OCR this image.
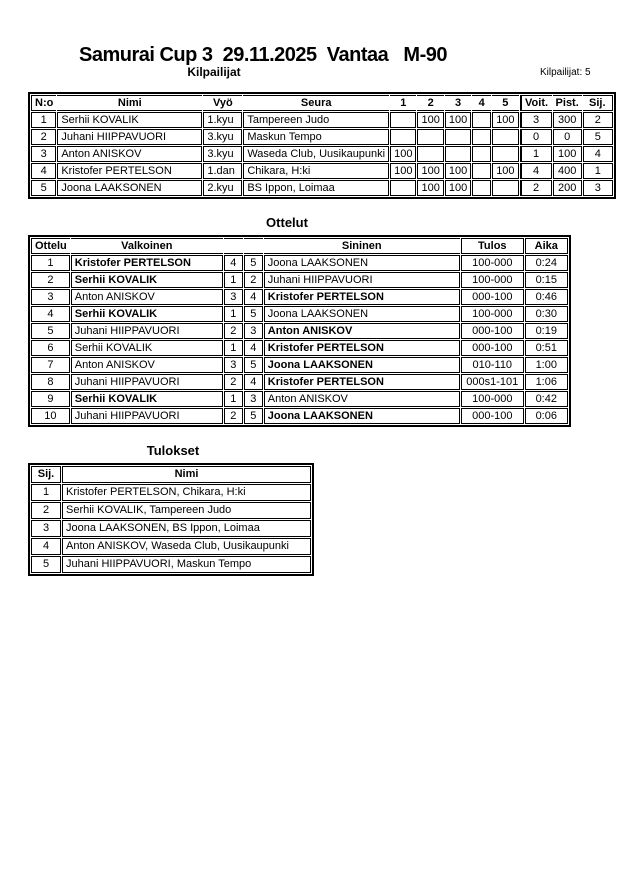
Samurai Cup 3  29.11.2025  Vantaa   M-90
Kilpailijat	Kilpailijat: 5
N:o	Nimi	Vyö	Seura	1	2	3	4	5	Voit.	Pist.	Sij.
1	Serhii KOVALIK	1.kyu	Tampereen Judo		100	100		100	3	300	2
2	Juhani HIIPPAVUORI	3.kyu	Maskun Tempo						0	0	5
3	Anton ANISKOV	3.kyu	Waseda Club, Uusikaupunki	100					1	100	4
4	Kristofer PERTELSON	1.dan	Chikara, H:ki	100	100	100		100	4	400	1
5	Joona LAAKSONEN	2.kyu	BS Ippon, Loimaa		100	100			2	200	3
Ottelut
Ottelu	Valkoinen			Sininen	Tulos	Aika
1	Kristofer PERTELSON	4	5	Joona LAAKSONEN	100-000	0:24
2	Serhii KOVALIK	1	2	Juhani HIIPPAVUORI	100-000	0:15
3	Anton ANISKOV	3	4	Kristofer PERTELSON	000-100	0:46
4	Serhii KOVALIK	1	5	Joona LAAKSONEN	100-000	0:30
5	Juhani HIIPPAVUORI	2	3	Anton ANISKOV	000-100	0:19
6	Serhii KOVALIK	1	4	Kristofer PERTELSON	000-100	0:51
7	Anton ANISKOV	3	5	Joona LAAKSONEN	010-110	1:00
8	Juhani HIIPPAVUORI	2	4	Kristofer PERTELSON	000s1-101	1:06
9	Serhii KOVALIK	1	3	Anton ANISKOV	100-000	0:42
10	Juhani HIIPPAVUORI	2	5	Joona LAAKSONEN	000-100	0:06
Tulokset
Sij.	Nimi
1	Kristofer PERTELSON, Chikara, H:ki
2	Serhii KOVALIK, Tampereen Judo
3	Joona LAAKSONEN, BS Ippon, Loimaa
4	Anton ANISKOV, Waseda Club, Uusikaupunki
5	Juhani HIIPPAVUORI, Maskun Tempo
